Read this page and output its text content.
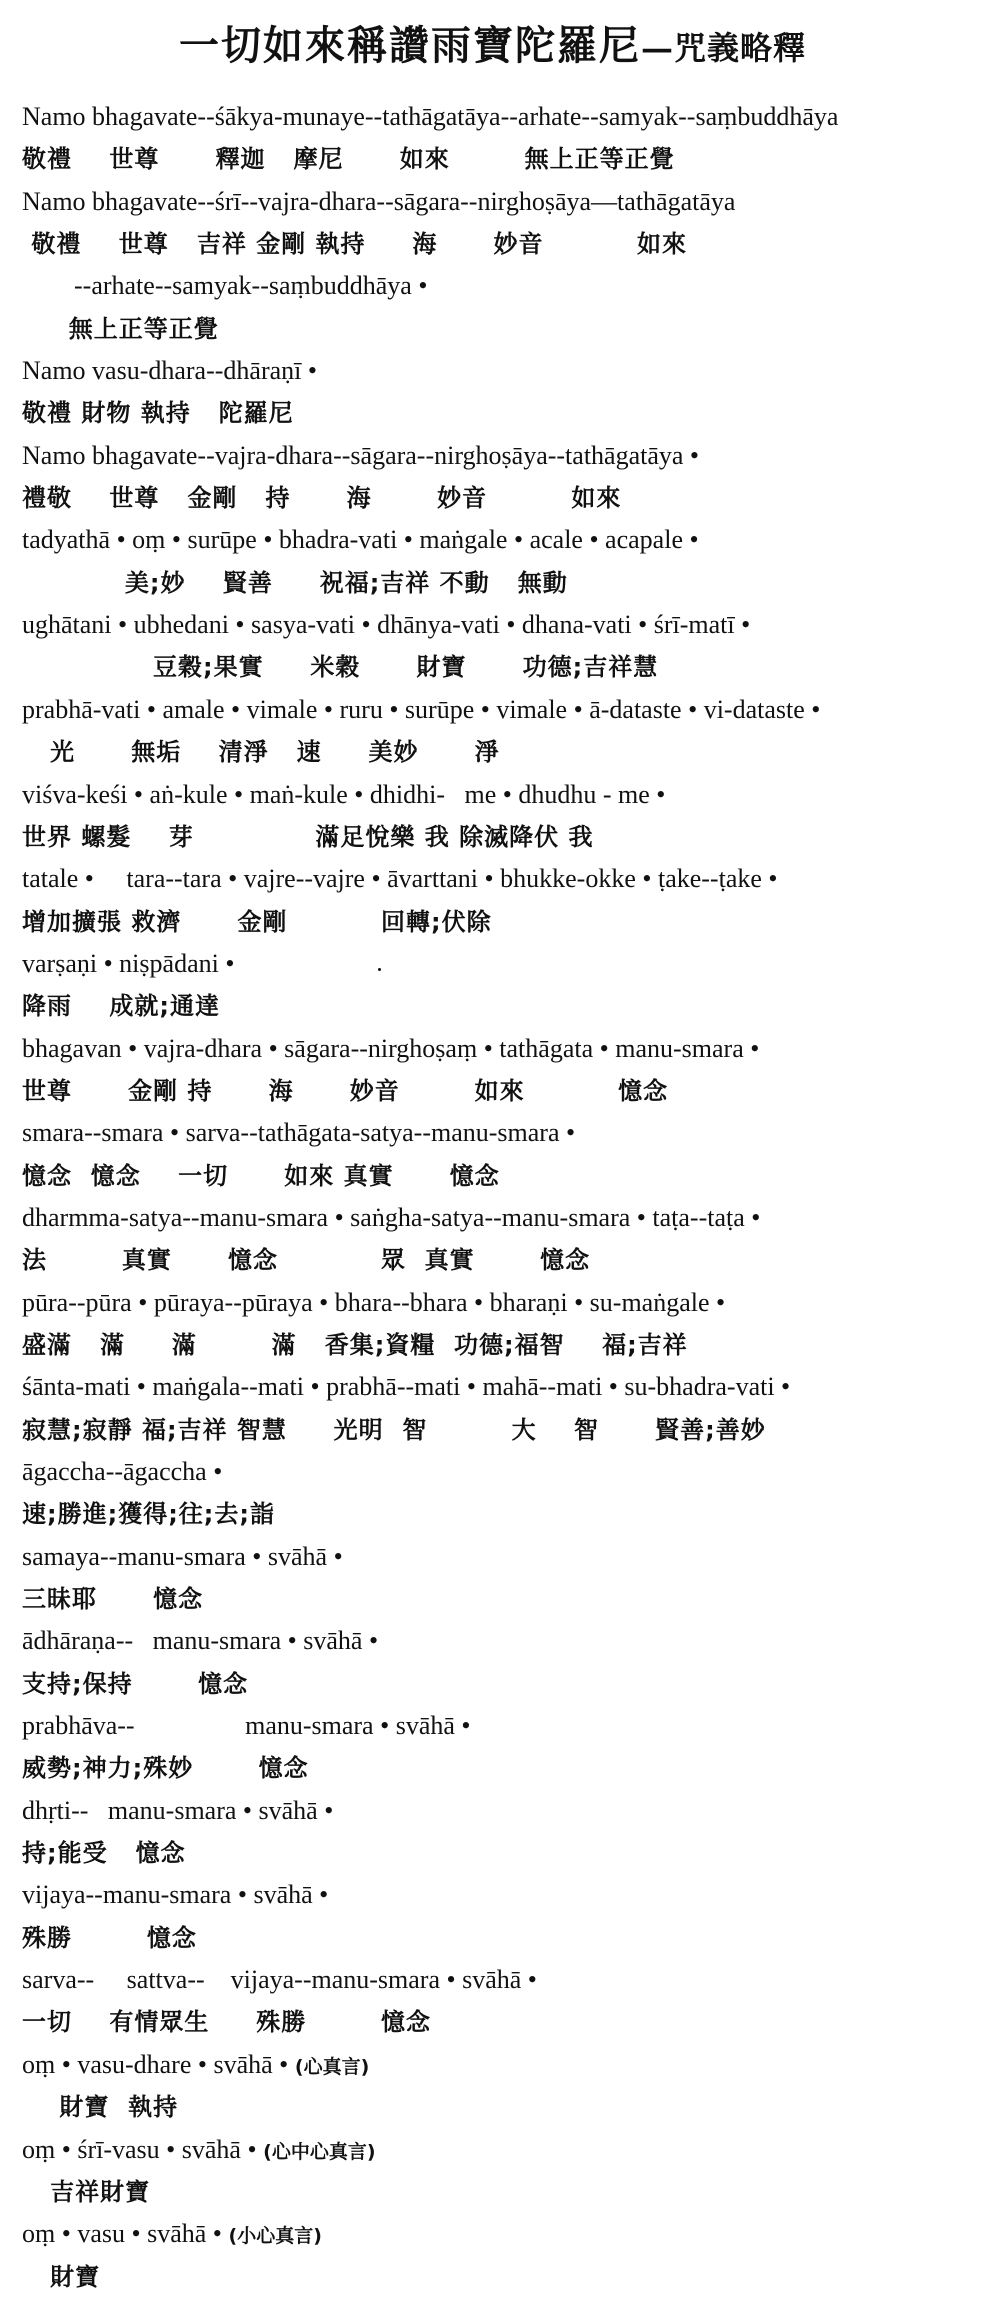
一切如來稱讚雨寶陀羅尼—咒義略釋
Namo bhagavate--śākya-munaye--tathāgatāya--arhate--samyak--saṃbuddhāya
敬禮    世尊      釋迦   摩尼      如來        無上正等正覺
Namo bhagavate--śrī--vajra-dhara--sāgara--nirghoṣāya—tathāgatāya
敬禮    世尊   吉祥 金剛 執持     海      妙音          如來
--arhate--samyak--saṃbuddhāya •
無上正等正覺
Namo vasu-dhara--dhāraṇī •
敬禮 財物 執持   陀羅尼
Namo bhagavate--vajra-dhara--sāgara--nirghoṣāya--tathāgatāya •
禮敬    世尊   金剛   持      海       妙音         如來
tadyathā • oṃ • surūpe • bhadra-vati • maṅgale • acale • acapale •
美;妙    賢善     祝福;吉祥 不動   無動
ughātani • ubhedani • sasya-vati • dhānya-vati • dhana-vati • śrī-matī •
豆穀;果實     米穀      財寶      功德;吉祥慧
prabhā-vati • amale • vimale • ruru • surūpe • vimale • ā-dataste • vi-dataste •
光      無垢    清淨   速     美妙      淨
viśva-keśi • aṅ-kule • maṅ-kule • dhidhi-   me • dhudhu - me •
世界 螺髮    芽             滿足悅樂 我 除滅降伏 我
tatale •     tara--tara • vajre--vajre • āvarttani • bhukke-okke • ṭake--ṭake •
增加擴張 救濟      金剛          回轉;伏除
varṣaṇi • niṣpādani •
降雨    成就;通達
bhagavan • vajra-dhara • sāgara--nirghoṣaṃ • tathāgata • manu-smara •
世尊      金剛 持      海      妙音        如來          憶念
smara--smara • sarva--tathāgata-satya--manu-smara •
憶念  憶念    一切      如來 真實      憶念
dharmma-satya--manu-smara • saṅgha-satya--manu-smara • taṭa--taṭa •
法        真實      憶念           眾  真實       憶念
pūra--pūra • pūraya--pūraya • bhara--bhara • bharaṇi • su-maṅgale •
盛滿   滿     滿        滿   香集;資糧  功德;福智    福;吉祥
śānta-mati • maṅgala--mati • prabhā--mati • mahā--mati • su-bhadra-vati •
寂慧;寂靜 福;吉祥 智慧     光明  智         大    智      賢善;善妙
āgaccha--āgaccha •
速;勝進;獲得;往;去;詣
samaya--manu-smara • svāhā •
三昧耶      憶念
ādhāraṇa--   manu-smara • svāhā •
支持;保持       憶念
prabhāva--                 manu-smara • svāhā •
威勢;神力;殊妙       憶念
dhṛti--   manu-smara • svāhā •
持;能受   憶念
vijaya--manu-smara • svāhā •
殊勝        憶念
sarva--     sattva--    vijaya--manu-smara • svāhā •
一切    有情眾生     殊勝        憶念
oṃ • vasu-dhare • svāhā • (心真言)
財寶  執持
oṃ • śrī-vasu • svāhā • (心中心真言)
吉祥財寶
oṃ • vasu • svāhā • (小心真言)
財寶
